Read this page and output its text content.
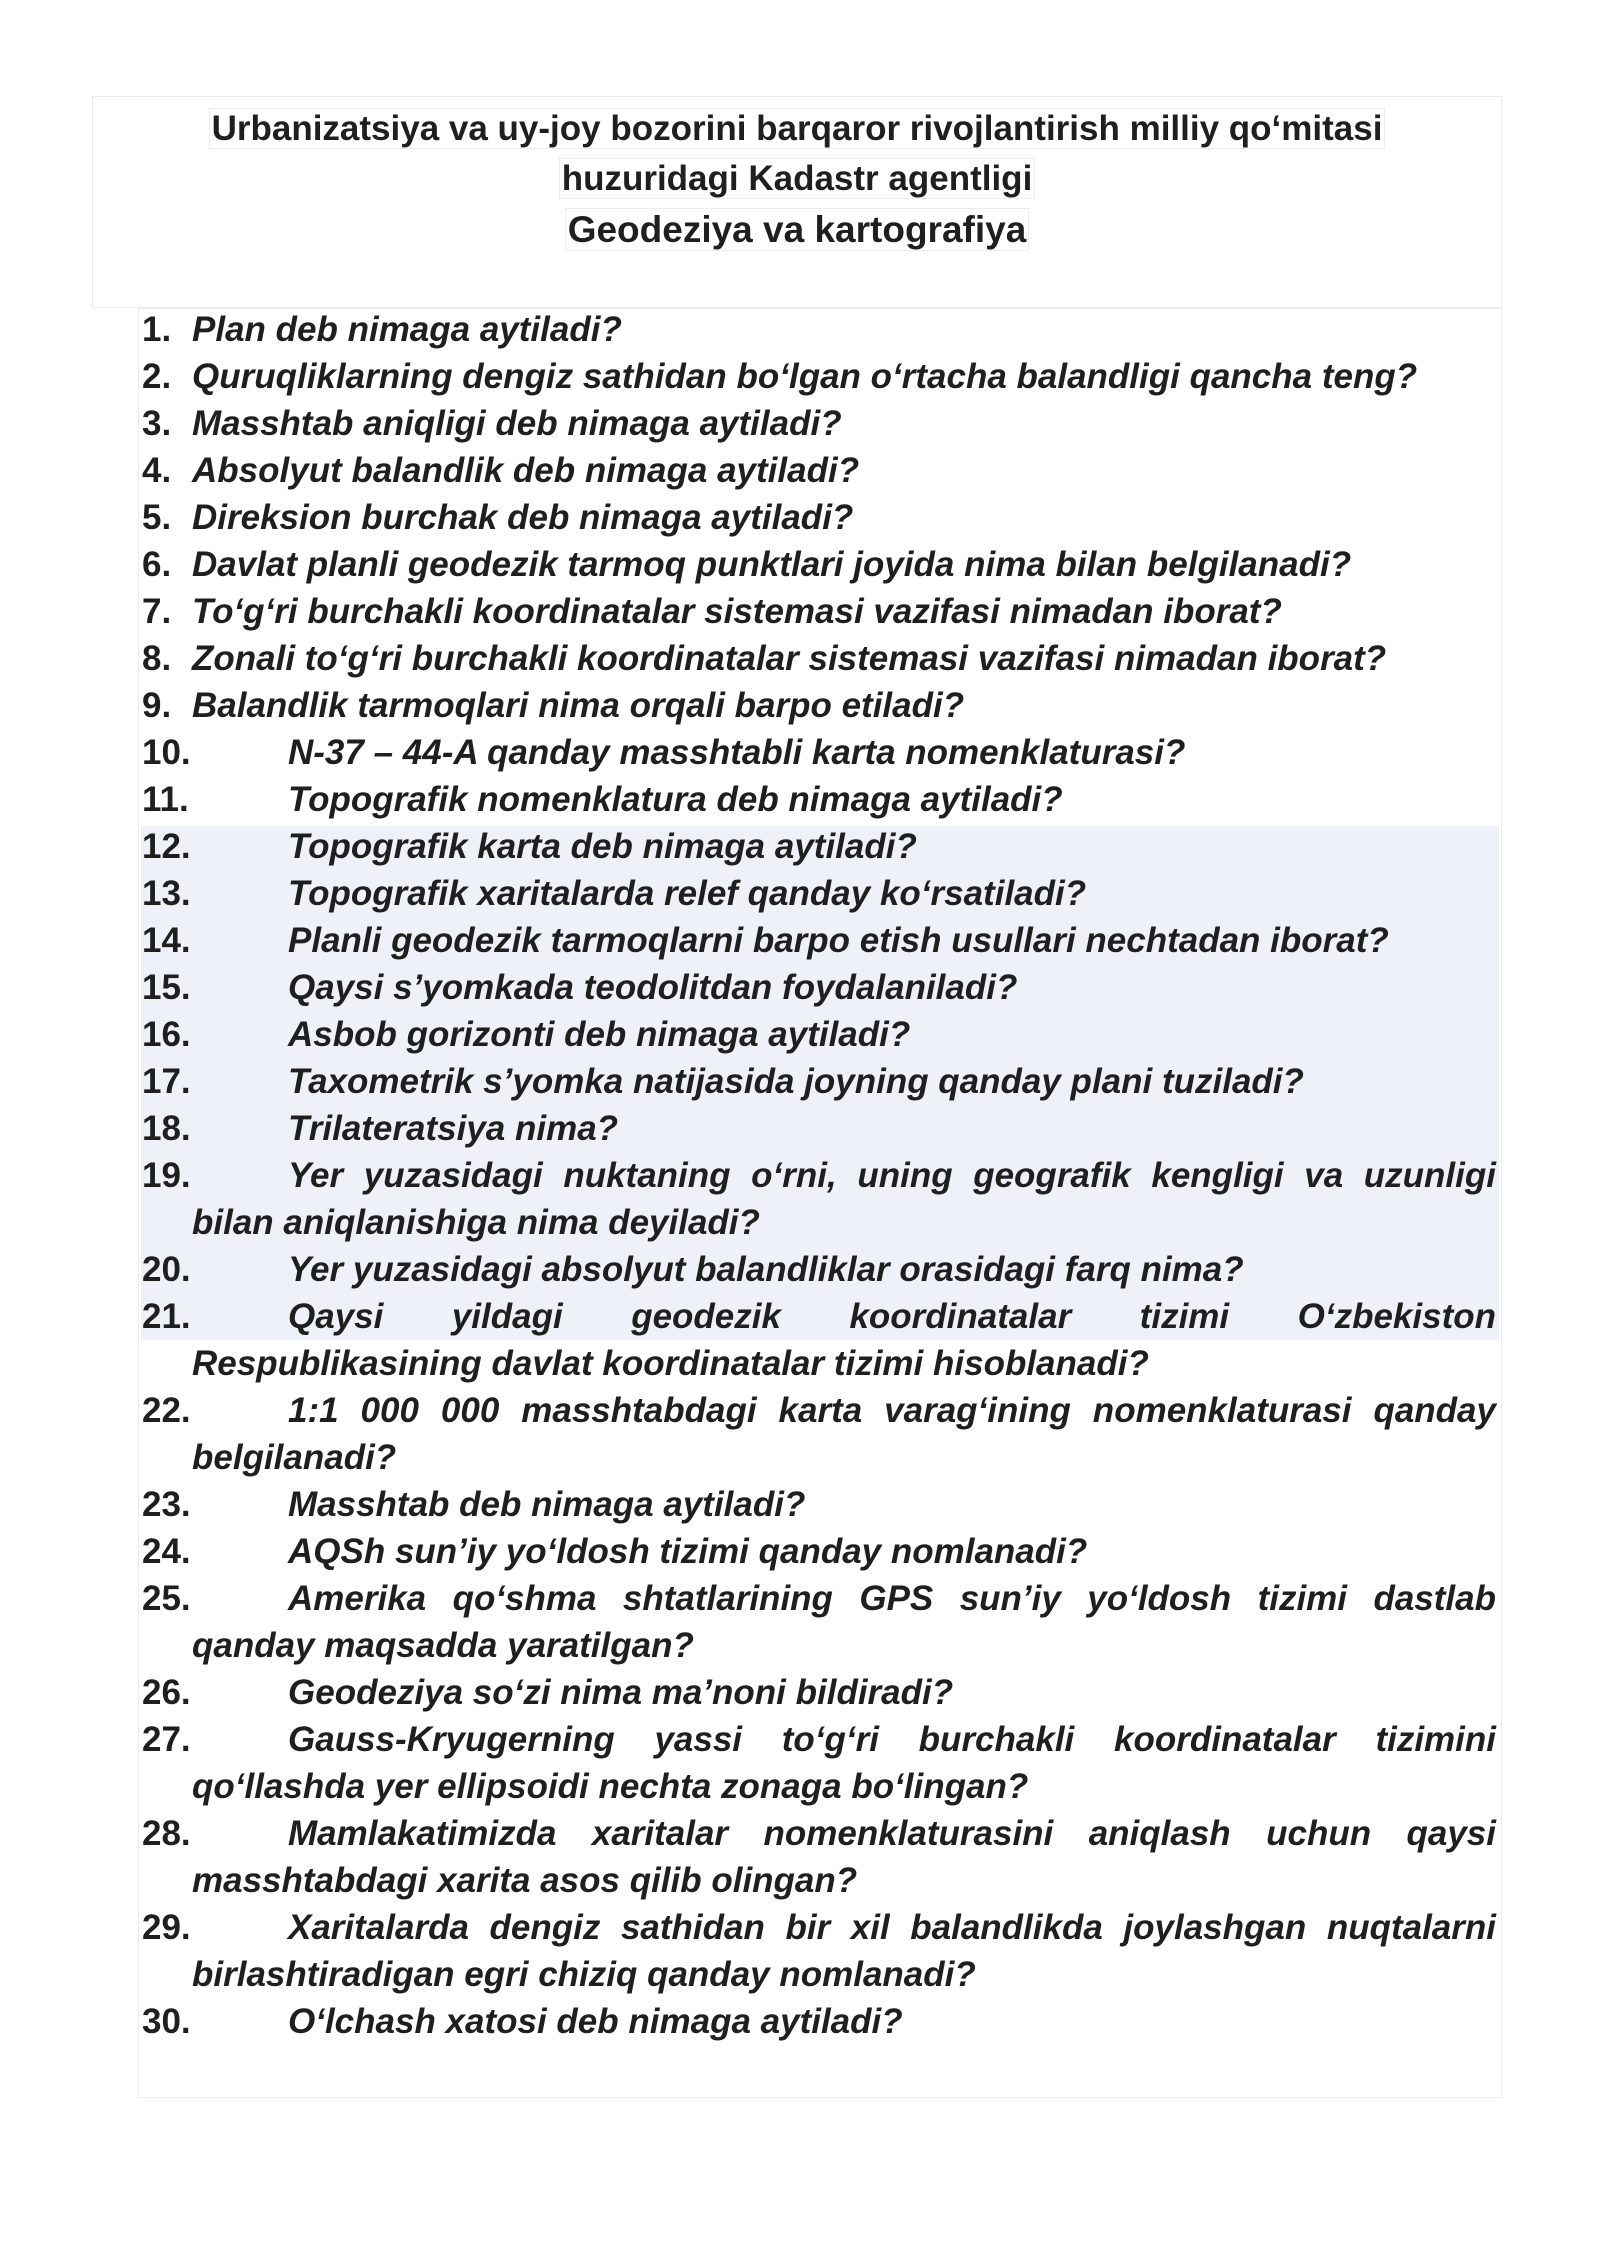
Urbanizatsiya va uy-joy bozorini barqaror rivojlantirish milliy qo‘mitasi
huzuridagi Kadastr agentligi
Geodeziya va kartografiya
1. Plan deb nimaga aytiladi?
2. Quruqliklarning dengiz sathidan bo‘lgan o‘rtacha balandligi qancha teng?
3. Masshtab aniqligi deb nimaga aytiladi?
4. Absolyut balandlik deb nimaga aytiladi?
5. Direksion burchak deb nimaga aytiladi?
6. Davlat planli geodezik tarmoq punktlari joyida nima bilan belgilanadi?
7. To‘g‘ri burchakli koordinatalar sistemasi vazifasi nimadan iborat?
8. Zonali to‘g‘ri burchakli koordinatalar sistemasi vazifasi nimadan iborat?
9. Balandlik tarmoqlari nima orqali barpo etiladi?
10.	N-37 – 44-A qanday masshtabli karta nomenklaturasi?
11.	Topografik nomenklatura deb nimaga aytiladi?
12.	Topografik karta deb nimaga aytiladi?
13.	Topografik xaritalarda relef qanday ko‘rsatiladi?
14.	Planli geodezik tarmoqlarni barpo etish usullari nechtadan iborat?
15.	Qaysi s’yomkada teodolitdan foydalaniladi?
16.	Asbob gorizonti deb nimaga aytiladi?
17.	Taxometrik s’yomka natijasida joyning qanday plani tuziladi?
18.	Trilateratsiya nima?
19.	Yer yuzasidagi nuktaning o‘rni, uning geografik kengligi va uzunligi bilan aniqlanishiga nima deyiladi?
20.	Yer yuzasidagi absolyut balandliklar orasidagi farq nima?
21.	Qaysi yildagi geodezik koordinatalar tizimi O‘zbekiston Respublikasining davlat koordinatalar tizimi hisoblanadi?
22.	1:1 000 000 masshtabdagi karta varag‘ining nomenklaturasi qanday belgilanadi?
23.	Masshtab deb nimaga aytiladi?
24.	AQSh sun’iy yo‘ldosh tizimi qanday nomlanadi?
25.	Amerika qo‘shma shtatlarining GPS sun’iy yo‘ldosh tizimi dastlab qanday maqsadda yaratilgan?
26.	Geodeziya so‘zi nima ma’noni bildiradi?
27.	Gauss-Kryugerning yassi to‘g‘ri burchakli koordinatalar tizimini qo‘llashda yer ellipsoidi nechta zonaga bo‘lingan?
28.	Mamlakatimizda xaritalar nomenklaturasini aniqlash uchun qaysi masshtabdagi xarita asos qilib olingan?
29.	Xaritalarda dengiz sathidan bir xil balandlikda joylashgan nuqtalarni birlashtiradigan egri chiziq qanday nomlanadi?
30.	O‘lchash xatosi deb nimaga aytiladi?
